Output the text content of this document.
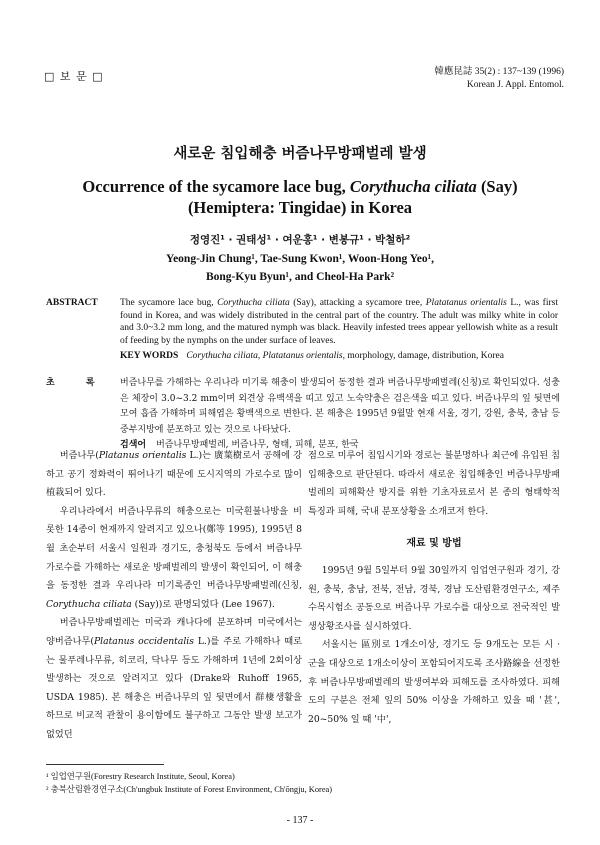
□ 보 문 □	韓應昆誌 35(2) : 137~139 (1996)
Korean J. Appl. Entomol.
새로운 침입해충 버즘나무방패벌레 발생
Occurrence of the sycamore lace bug, Corythucha ciliata (Say)
(Hemiptera: Tingidae) in Korea
정영진¹ · 권태성¹ · 여운홍¹ · 변봉규¹ · 박철하²
Yeong-Jin Chung¹, Tae-Sung Kwon¹, Woon-Hong Yeo¹,
Bong-Kyu Byun¹, and Cheol-Ha Park²
ABSTRACT The sycamore lace bug, Corythucha ciliata (Say), attacking a sycamore tree, Platatanus orientalis L., was first found in Korea, and was widely distributed in the central part of the country. The adult was milky white in color and 3.0~3.2 mm long, and the matured nymph was black. Heavily infested trees appear yellowish white as a result of feeding by the nymphs on the under surface of leaves.
KEY WORDS Corythucha ciliata, Platatanus orientalis, morphology, damage, distribution, Korea
초 록 버즘나무를 가해하는 우리나라 미기록 해충이 발생되어 동정한 결과 버즘나무방패벌레(신칭)로 확인되었다. 성충은 체장이 3.0~3.2 mm이며 외견상 유백색을 띠고 있고 노숙약충은 검은색을 띠고 있다. 버즘나무의 잎 뒷면에 모여 흡즙 가해하며 피해엽은 황백색으로 변한다. 본 해충은 1995년 9월말 현재 서울, 경기, 강원, 충북, 충남 등 중부지방에 분포하고 있는 것으로 나타났다.
검색어 버즘나무방패벌레, 버즘나무, 형태, 피해, 분포, 한국

버즘나무(Platanus orientalis L.)는 廣葉樹로서 공해에 강하고 공기 정화력이 뛰어나기 때문에 도시지역의 가로수로 많이 植栽되어 있다.

우리나라에서 버즘나무류의 해충으로는 미국흰불나방을 비롯한 14종이 현재까지 알려지고 있으나(鄭等 1995), 1995년 8월 초순부터 서울시 일원과 경기도, 충청북도 등에서 버즘나무 가로수를 가해하는 새로운 방패벌레의 발생이 확인되어, 이 해충을 동정한 결과 우리나라 미기록종인 버즘나무방패벌레(신칭, Corythucha ciliata (Say))로 판명되었다 (Lee 1967).

버즘나무방패벌레는 미국과 캐나다에 분포하며 미국에서는 양버즘나무(Platanus occidentalis L.)를 주로 가해하나 때로는 물푸레나무류, 히코리, 닥나무 등도 가해하며 1년에 2회이상 발생하는 것으로 알려지고 있다 (Drake와 Ruhoff 1965, USDA 1985). 본 해충은 버즘나무의 잎 뒷면에서 群棲생활을 하므로 비교적 관찰이 용이함에도 불구하고 그동안 발생 보고가 없었던

점으로 미루어 침입시기와 경로는 불분명하나 최근에 유입된 침입해충으로 판단된다. 따라서 새로운 침입해충인 버즘나무방패벌레의 피해확산 방지를 위한 기초자료로서 본 종의 형태학적 특징과 피해, 국내 분포상황을 소개코저 한다.

재료 및 방법

1995년 9월 5일부터 9월 30일까지 임업연구원과 경기, 강원, 충북, 충남, 전북, 전남, 경북, 경남 도산림환경연구소, 제주 수목시험소 공동으로 버즘나무 가로수를 대상으로 전국적인 발생상황조사를 실시하였다.

서울시는 區別로 1개소이상, 경기도 등 9개도는 모든 시 · 군을 대상으로 1개소이상이 포함되어지도록 조사路線을 선정한 후 버즘나무방패벌레의 발생여부와 피해도를 조사하였다. 피해도의 구분은 전체 잎의 50% 이상을 가해하고 있을 때 '甚', 20~50% 일 때 '中',

¹ 임업연구원(Forestry Research Institute, Seoul, Korea)
² 충북산림환경연구소(Ch'ungbuk Institute of Forest Environment, Ch'ŏngju, Korea)
- 137 -
